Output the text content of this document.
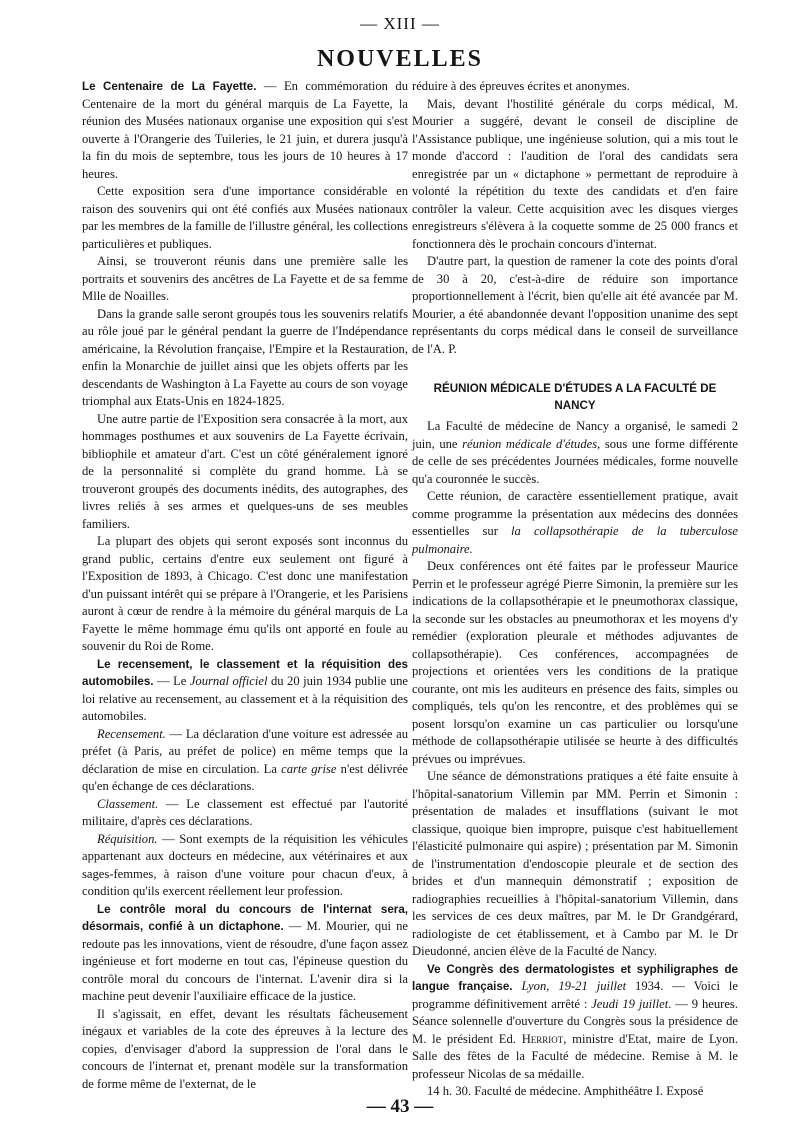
— XIII —
NOUVELLES

Le Centenaire de La Fayette. — En commémoration du Centenaire de la mort du général marquis de La Fayette, la réunion des Musées nationaux organise une exposition qui s'est ouverte à l'Orangerie des Tuileries, le 21 juin, et durera jusqu'à la fin du mois de septembre, tous les jours de 10 heures à 17 heures.

Cette exposition sera d'une importance considérable en raison des souvenirs qui ont été confiés aux Musées nationaux par les membres de la famille de l'illustre général, les collections particulières et publiques.

Ainsi, se trouveront réunis dans une première salle les portraits et souvenirs des ancêtres de La Fayette et de sa femme Mlle de Noailles.

Dans la grande salle seront groupés tous les souvenirs relatifs au rôle joué par le général pendant la guerre de l'Indépendance américaine, la Révolution française, l'Empire et la Restauration, enfin la Monarchie de juillet ainsi que les objets offerts par les descendants de Washington à La Fayette au cours de son voyage triomphal aux Etats-Unis en 1824-1825.

Une autre partie de l'Exposition sera consacrée à la mort, aux hommages posthumes et aux souvenirs de La Fayette écrivain, bibliophile et amateur d'art. C'est un côté généralement ignoré de la personnalité si complète du grand homme. Là se trouveront groupés des documents inédits, des autographes, des livres reliés à ses armes et quelques-uns de ses meubles familiers.

La plupart des objets qui seront exposés sont inconnus du grand public, certains d'entre eux seulement ont figuré à l'Exposition de 1893, à Chicago. C'est donc une manifestation d'un puissant intérêt qui se prépare à l'Orangerie, et les Parisiens auront à cœur de rendre à la mémoire du général marquis de La Fayette le même hommage ému qu'ils ont apporté en foule au souvenir du Roi de Rome.

Le recensement, le classement et la réquisition des automobiles. — Le Journal officiel du 20 juin 1934 publie une loi relative au recensement, au classement et à la réquisition des automobiles.

Recensement. — La déclaration d'une voiture est adressée au préfet (à Paris, au préfet de police) en même temps que la déclaration de mise en circulation. La carte grise n'est délivrée qu'en échange de ces déclarations.

Classement. — Le classement est effectué par l'autorité militaire, d'après ces déclarations.

Réquisition. — Sont exempts de la réquisition les véhicules appartenant aux docteurs en médecine, aux vétérinaires et aux sages-femmes, à raison d'une voiture pour chacun d'eux, à condition qu'ils exercent réellement leur profession.

Le contrôle moral du concours de l'internat sera, désormais, confié à un dictaphone. — M. Mourier, qui ne redoute pas les innovations, vient de résoudre, d'une façon assez ingénieuse et fort moderne en tout cas, l'épineuse question du contrôle moral du concours de l'internat. L'avenir dira si la machine peut devenir l'auxiliaire efficace de la justice.

Il s'agissait, en effet, devant les résultats fâcheusement inégaux et variables de la cote des épreuves à la lecture des copies, d'envisager d'abord la suppression de l'oral dans le concours de l'internat et, prenant modèle sur la transformation de forme même de l'externat, de le

réduire à des épreuves écrites et anonymes.

Mais, devant l'hostilité générale du corps médical, M. Mourier a suggéré, devant le conseil de discipline de l'Assistance publique, une ingénieuse solution, qui a mis tout le monde d'accord : l'audition de l'oral des candidats sera enregistrée par un « dictaphone » permettant de reproduire à volonté la répétition du texte des candidats et d'en faire contrôler la valeur. Cette acquisition avec les disques vierges enregistreurs s'élèvera à la coquette somme de 25 000 francs et fonctionnera dès le prochain concours d'internat.

D'autre part, la question de ramener la cote des points d'oral de 30 à 20, c'est-à-dire de réduire son importance proportionnellement à l'écrit, bien qu'elle ait été avancée par M. Mourier, a été abandonnée devant l'opposition unanime des sept représentants du corps médical dans le conseil de surveillance de l'A. P.

RÉUNION MÉDICALE D'ÉTUDES A LA FACULTÉ DE NANCY

La Faculté de médecine de Nancy a organisé, le samedi 2 juin, une réunion médicale d'études, sous une forme différente de celle de ses précédentes Journées médicales, forme nouvelle qu'a couronnée le succès.

Cette réunion, de caractère essentiellement pratique, avait comme programme la présentation aux médecins des données essentielles sur la collapsothérapie de la tuberculose pulmonaire.

Deux conférences ont été faites par le professeur Maurice Perrin et le professeur agrégé Pierre Simonin, la première sur les indications de la collapsothérapie et le pneumothorax classique, la seconde sur les obstacles au pneumothorax et les moyens d'y remédier (exploration pleurale et méthodes adjuvantes de collapsothérapie). Ces conférences, accompagnées de projections et orientées vers les conditions de la pratique courante, ont mis les auditeurs en présence des faits, simples ou compliqués, tels qu'on les rencontre, et des problèmes qui se posent lorsqu'on examine un cas particulier ou lorsqu'une méthode de collapsothérapie utilisée se heurte à des difficultés prévues ou imprévues.

Une séance de démonstrations pratiques a été faite ensuite à l'hôpital-sanatorium Villemin par MM. Perrin et Simonin : présentation de malades et insufflations (suivant le mot classique, quoique bien impropre, puisque c'est habituellement l'élasticité pulmonaire qui aspire) ; présentation par M. Simonin de l'instrumentation d'endoscopie pleurale et de section des brides et d'un mannequin démonstratif ; exposition de radiographies recueillies à l'hôpital-sanatorium Villemin, dans les services de ces deux maîtres, par M. le Dr Grandgérard, radiologiste de cet établissement, et à Cambo par M. le Dr Dieudonné, ancien élève de la Faculté de Nancy.

Ve Congrès des dermatologistes et syphiligraphes de langue française. Lyon, 19-21 juillet 1934. — Voici le programme définitivement arrêté : Jeudi 19 juillet. — 9 heures. Séance solennelle d'ouverture du Congrès sous la présidence de M. le président Ed. Herriot, ministre d'Etat, maire de Lyon. Salle des fêtes de la Faculté de médecine. Remise à M. le professeur Nicolas de sa médaille.

14 h. 30. Faculté de médecine. Amphithéâtre I. Exposé

— 43 —
